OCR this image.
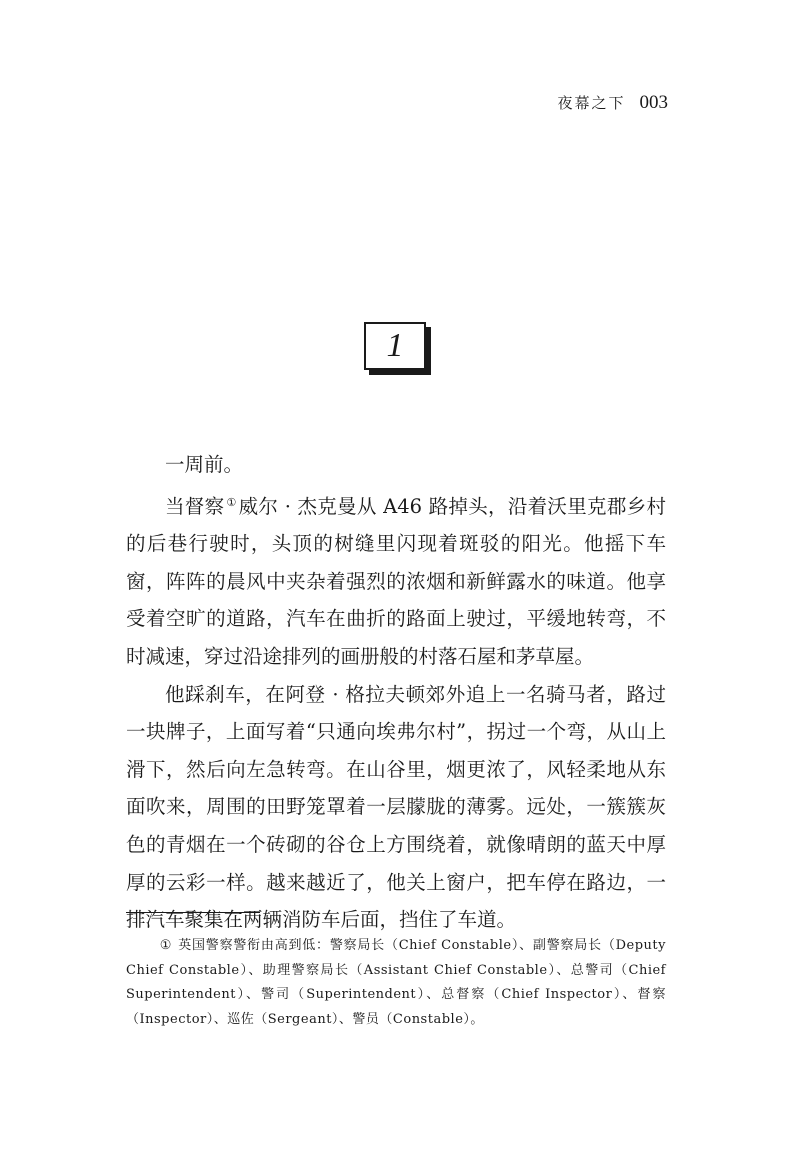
夜幕之下 003
1

一周前。

当督察 ① 威尔 · 杰克曼从 A46 路掉头，沿着沃里克郡乡村的后巷行驶时，头顶的树缝里闪现着斑驳的阳光。他摇下车窗，阵阵的晨风中夹杂着强烈的浓烟和新鲜露水的味道。他享受着空旷的道路，汽车在曲折的路面上驶过，平缓地转弯，不时减速，穿过沿途排列的画册般的村落石屋和茅草屋。

他踩刹车，在阿登 · 格拉夫顿郊外追上一名骑马者，路过一块牌子，上面写着“只通向埃弗尔村”，拐过一个弯，从山上滑下，然后向左急转弯。在山谷里，烟更浓了，风轻柔地从东面吹来，周围的田野笼罩着一层朦胧的薄雾。远处，一簇簇灰色的青烟在一个砖砌的谷仓上方围绕着，就像晴朗的蓝天中厚厚的云彩一样。越来越近了，他关上窗户，把车停在路边，一排汽车聚集在两辆消防车后面，挡住了车道。

① 英国警察警衔由高到低：警察局长（Chief Constable）、副警察局长（Deputy Chief Constable）、助理警察局长（Assistant Chief Constable）、总警司（Chief Superintendent）、警司（Superintendent）、总督察（Chief Inspector）、督察（Inspector）、巡佐（Sergeant）、警员（Constable）。
